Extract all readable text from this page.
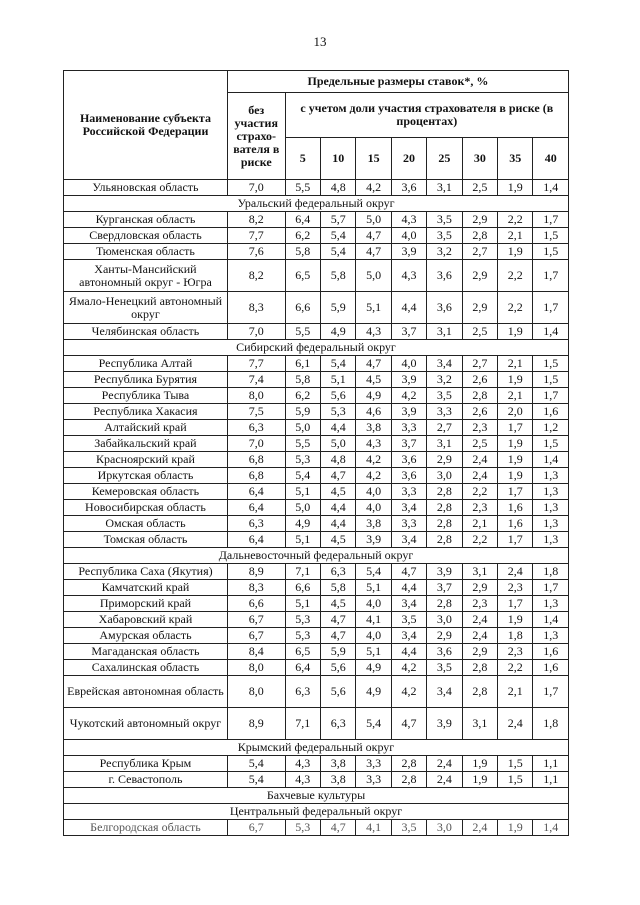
13
Наименование субъекта Российской Федерации	Предельные размеры ставок*, %								
	без участия страхо-вателя в риске	с учетом доли участия страхователя в риске (в процентах)							
		5	10	15	20	25	30	35	40
Ульяновская область	7,0	5,5	4,8	4,2	3,6	3,1	2,5	1,9	1,4
Уральский федеральный округ									
Курганская область	8,2	6,4	5,7	5,0	4,3	3,5	2,9	2,2	1,7
Свердловская область	7,7	6,2	5,4	4,7	4,0	3,5	2,8	2,1	1,5
Тюменская область	7,6	5,8	5,4	4,7	3,9	3,2	2,7	1,9	1,5
Ханты-Мансийский автономный округ - Югра	8,2	6,5	5,8	5,0	4,3	3,6	2,9	2,2	1,7
Ямало-Ненецкий автономный округ	8,3	6,6	5,9	5,1	4,4	3,6	2,9	2,2	1,7
Челябинская область	7,0	5,5	4,9	4,3	3,7	3,1	2,5	1,9	1,4
Сибирский федеральный округ									
Республика Алтай	7,7	6,1	5,4	4,7	4,0	3,4	2,7	2,1	1,5
Республика Бурятия	7,4	5,8	5,1	4,5	3,9	3,2	2,6	1,9	1,5
Республика Тыва	8,0	6,2	5,6	4,9	4,2	3,5	2,8	2,1	1,7
Республика Хакасия	7,5	5,9	5,3	4,6	3,9	3,3	2,6	2,0	1,6
Алтайский край	6,3	5,0	4,4	3,8	3,3	2,7	2,3	1,7	1,2
Забайкальский край	7,0	5,5	5,0	4,3	3,7	3,1	2,5	1,9	1,5
Красноярский край	6,8	5,3	4,8	4,2	3,6	2,9	2,4	1,9	1,4
Иркутская область	6,8	5,4	4,7	4,2	3,6	3,0	2,4	1,9	1,3
Кемеровская область	6,4	5,1	4,5	4,0	3,3	2,8	2,2	1,7	1,3
Новосибирская область	6,4	5,0	4,4	4,0	3,4	2,8	2,3	1,6	1,3
Омская область	6,3	4,9	4,4	3,8	3,3	2,8	2,1	1,6	1,3
Томская область	6,4	5,1	4,5	3,9	3,4	2,8	2,2	1,7	1,3
Дальневосточный федеральный округ									
Республика Саха (Якутия)	8,9	7,1	6,3	5,4	4,7	3,9	3,1	2,4	1,8
Камчатский край	8,3	6,6	5,8	5,1	4,4	3,7	2,9	2,3	1,7
Приморский край	6,6	5,1	4,5	4,0	3,4	2,8	2,3	1,7	1,3
Хабаровский край	6,7	5,3	4,7	4,1	3,5	3,0	2,4	1,9	1,4
Амурская область	6,7	5,3	4,7	4,0	3,4	2,9	2,4	1,8	1,3
Магаданская область	8,4	6,5	5,9	5,1	4,4	3,6	2,9	2,3	1,6
Сахалинская область	8,0	6,4	5,6	4,9	4,2	3,5	2,8	2,2	1,6
Еврейская автономная область	8,0	6,3	5,6	4,9	4,2	3,4	2,8	2,1	1,7
Чукотский автономный округ	8,9	7,1	6,3	5,4	4,7	3,9	3,1	2,4	1,8
Крымский федеральный округ									
Республика Крым	5,4	4,3	3,8	3,3	2,8	2,4	1,9	1,5	1,1
г. Севастополь	5,4	4,3	3,8	3,3	2,8	2,4	1,9	1,5	1,1
Бахчевые культуры									
Центральный федеральный округ									
Белгородская область	6,7	5,3	4,7	4,1	3,5	3,0	2,4	1,9	1,4
